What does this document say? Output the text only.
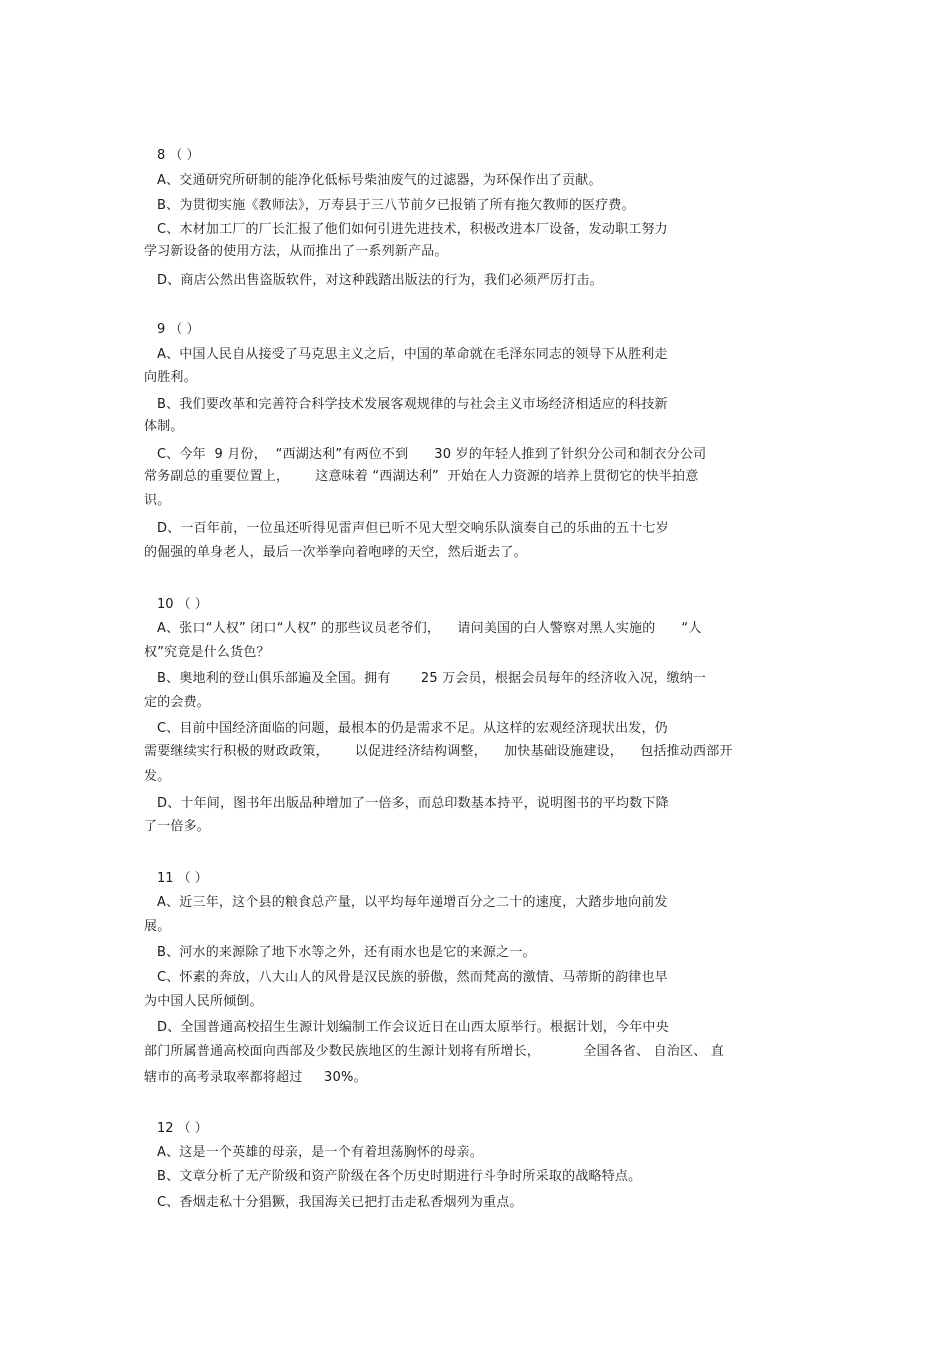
8 （ ）
A、交通研究所研制的能净化低标号柴油废气的过滤器，为环保作出了贡献。
B、为贯彻实施《教师法》，万寿县于三八节前夕已报销了所有拖欠教师的医疗费。
C、木材加工厂的厂长汇报了他们如何引进先进技术，积极改进本厂设备，发动职工努力
学习新设备的使用方法，从而推出了一系列新产品。
D、商店公然出售盗版软件，对这种践踏出版法的行为，我们必须严厉打击。
9 （ ）
A、中国人民自从接受了马克思主义之后，中国的革命就在毛泽东同志的领导下从胜利走
向胜利。
B、我们要改革和完善符合科学技术发展客观规律的与社会主义市场经济相适应的科技新
体制。
C、今年  9 月份，  “西湖达利”有两位不到      30 岁的年轻人推到了针织分公司和制衣分公司
常务副总的重要位置上，      这意味着 “西湖达利”  开始在人力资源的培养上贯彻它的快半拍意
识。
D、一百年前，一位虽还听得见雷声但已听不见大型交响乐队演奏自己的乐曲的五十七岁
的倔强的单身老人，最后一次举拳向着咆哮的天空，然后逝去了。
10 （ ）
A、张口“人权” 闭口“人权” 的那些议员老爷们，    请问美国的白人警察对黑人实施的      “人
权”究竟是什么货色？
B、奥地利的登山俱乐部遍及全国。拥有       25 万会员，根据会员每年的经济收入况，缴纳一
定的会费。
C、目前中国经济面临的问题，最根本的仍是需求不足。从这样的宏观经济现状出发，仍
需要继续实行积极的财政政策，      以促进经济结构调整，    加快基础设施建设，    包括推动西部开
发。
D、十年间，图书年出版品种增加了一倍多，而总印数基本持平，说明图书的平均数下降
了一倍多。
11 （ ）
A、近三年，这个县的粮食总产量，以平均每年递增百分之二十的速度，大踏步地向前发
展。
B、河水的来源除了地下水等之外，还有雨水也是它的来源之一。
C、怀素的奔放，八大山人的风骨是汉民族的骄傲，然而梵高的激情、马蒂斯的韵律也早
为中国人民所倾倒。
D、全国普通高校招生生源计划编制工作会议近日在山西太原举行。根据计划，今年中央
部门所属普通高校面向西部及少数民族地区的生源计划将有所增长，          全国各省、 自治区、 直
辖市的高考录取率都将超过     30%。
12 （ ）
A、这是一个英雄的母亲，是一个有着坦荡胸怀的母亲。
B、文章分析了无产阶级和资产阶级在各个历史时期进行斗争时所采取的战略特点。
C、香烟走私十分猖獗，我国海关已把打击走私香烟列为重点。
